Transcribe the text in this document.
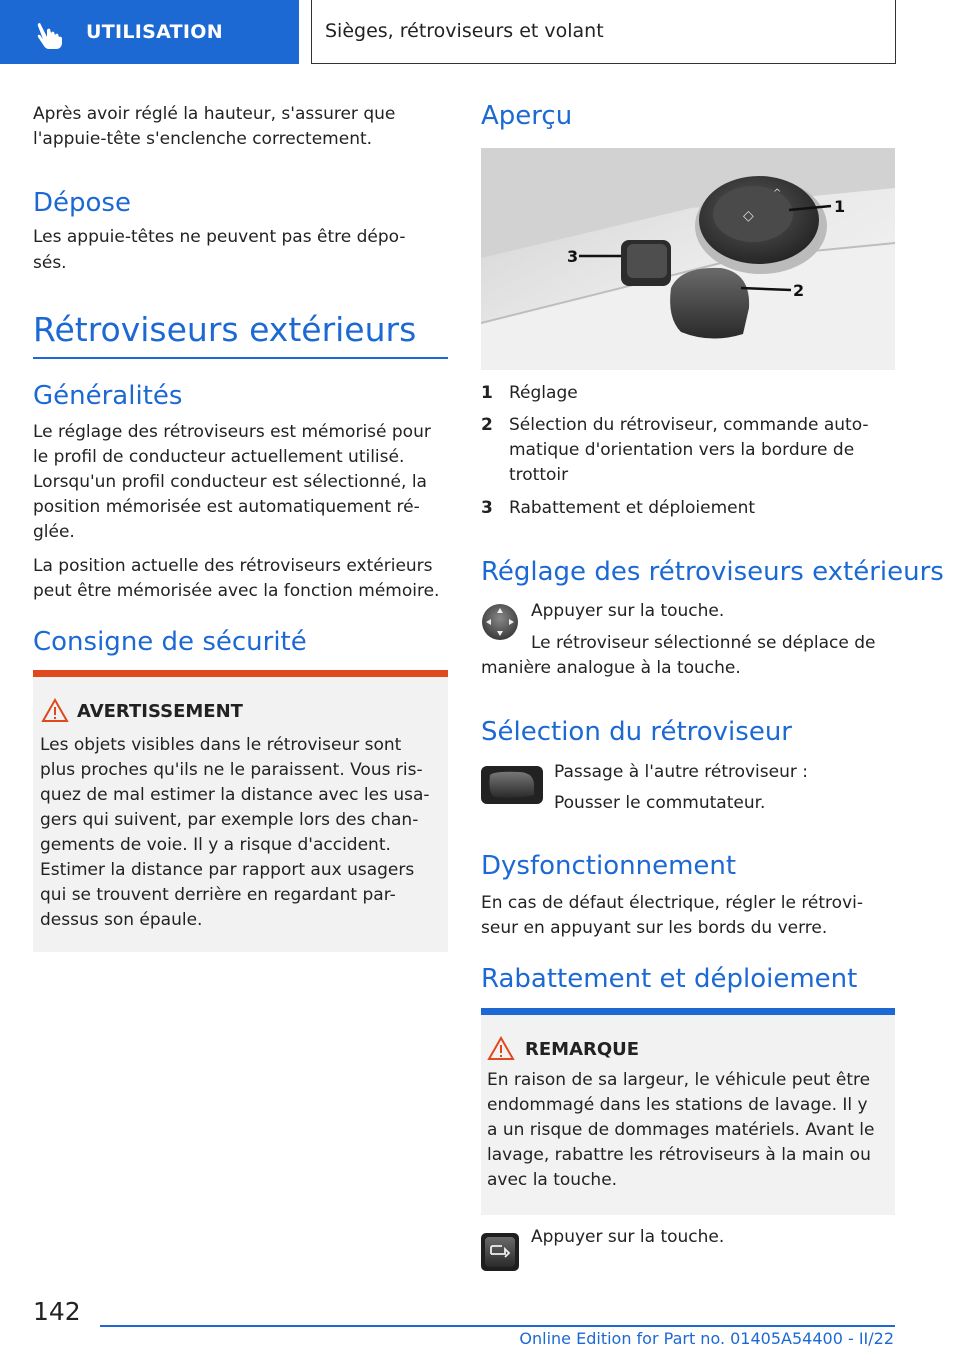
UTILISATION	Sièges, rétroviseurs et volant
Après avoir réglé la hauteur, s'assurer que
l'appuie-tête s'enclenche correctement.
Dépose
Les appuie-têtes ne peuvent pas être dépo-
sés.
Rétroviseurs extérieurs
Généralités
Le réglage des rétroviseurs est mémorisé pour
le profil de conducteur actuellement utilisé.
Lorsqu'un profil conducteur est sélectionné, la
position mémorisée est automatiquement ré-
glée.
La position actuelle des rétroviseurs extérieurs
peut être mémorisée avec la fonction mémoire.
Consigne de sécurité
AVERTISSEMENT
Les objets visibles dans le rétroviseur sont
plus proches qu'ils ne le paraissent. Vous ris-
quez de mal estimer la distance avec les usa-
gers qui suivent, par exemple lors des chan-
gements de voie. Il y a risque d'accident.
Estimer la distance par rapport aux usagers
qui se trouvent derrière en regardant par-
dessus son épaule.
Aperçu
◇
^
1
2
3
1 Réglage
2 Sélection du rétroviseur, commande auto-
matique d'orientation vers la bordure de
trottoir
3 Rabattement et déploiement
Réglage des rétroviseurs extérieurs
Appuyer sur la touche.
Le rétroviseur sélectionné se déplace de
manière analogue à la touche.
Sélection du rétroviseur
Passage à l'autre rétroviseur :
Pousser le commutateur.
Dysfonctionnement
En cas de défaut électrique, régler le rétrovi-
seur en appuyant sur les bords du verre.
Rabattement et déploiement
REMARQUE
En raison de sa largeur, le véhicule peut être
endommagé dans les stations de lavage. Il y
a un risque de dommages matériels. Avant le
lavage, rabattre les rétroviseurs à la main ou
avec la touche.
Appuyer sur la touche.
142
Online Edition for Part no. 01405A54400 - II/22
